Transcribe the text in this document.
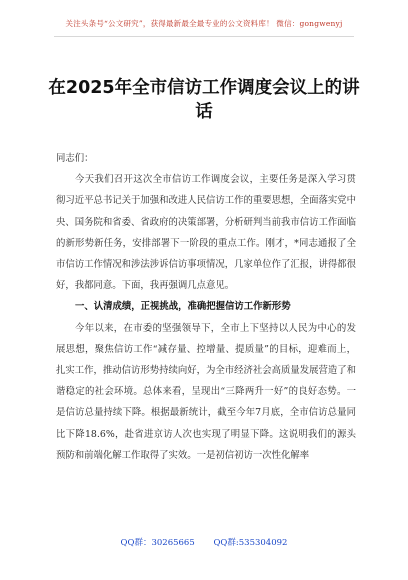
关注头条号“公文研究”，获得最新最全最专业的公文资料库！ 微信：gongwenyj
在2025年全市信访工作调度会议上的讲话

同志们：

今天我们召开这次全市信访工作调度会议，主要任务是深入学习贯彻习近平总书记关于加强和改进人民信访工作的重要思想，全面落实党中央、国务院和省委、省政府的决策部署，分析研判当前我市信访工作面临的新形势新任务，安排部署下一阶段的重点工作。刚才，*同志通报了全市信访工作情况和涉法涉诉信访事项情况，几家单位作了汇报，讲得都很好，我都同意。下面，我再强调几点意见。

一、认清成绩，正视挑战，准确把握信访工作新形势

今年以来，在市委的坚强领导下，全市上下坚持以人民为中心的发展思想，聚焦信访工作“减存量、控增量、提质量”的目标，迎难而上，扎实工作，推动信访形势持续向好，为全市经济社会高质量发展营造了和谐稳定的社会环境。总体来看，呈现出“三降两升一好”的良好态势。一是信访总量持续下降。根据最新统计，截至今年7月底，全市信访总量同比下降18.6%，赴省进京访人次也实现了明显下降。这说明我们的源头预防和前端化解工作取得了实效。一是初信初访一次性化解率

QQ群：30265665 QQ群:535304092
